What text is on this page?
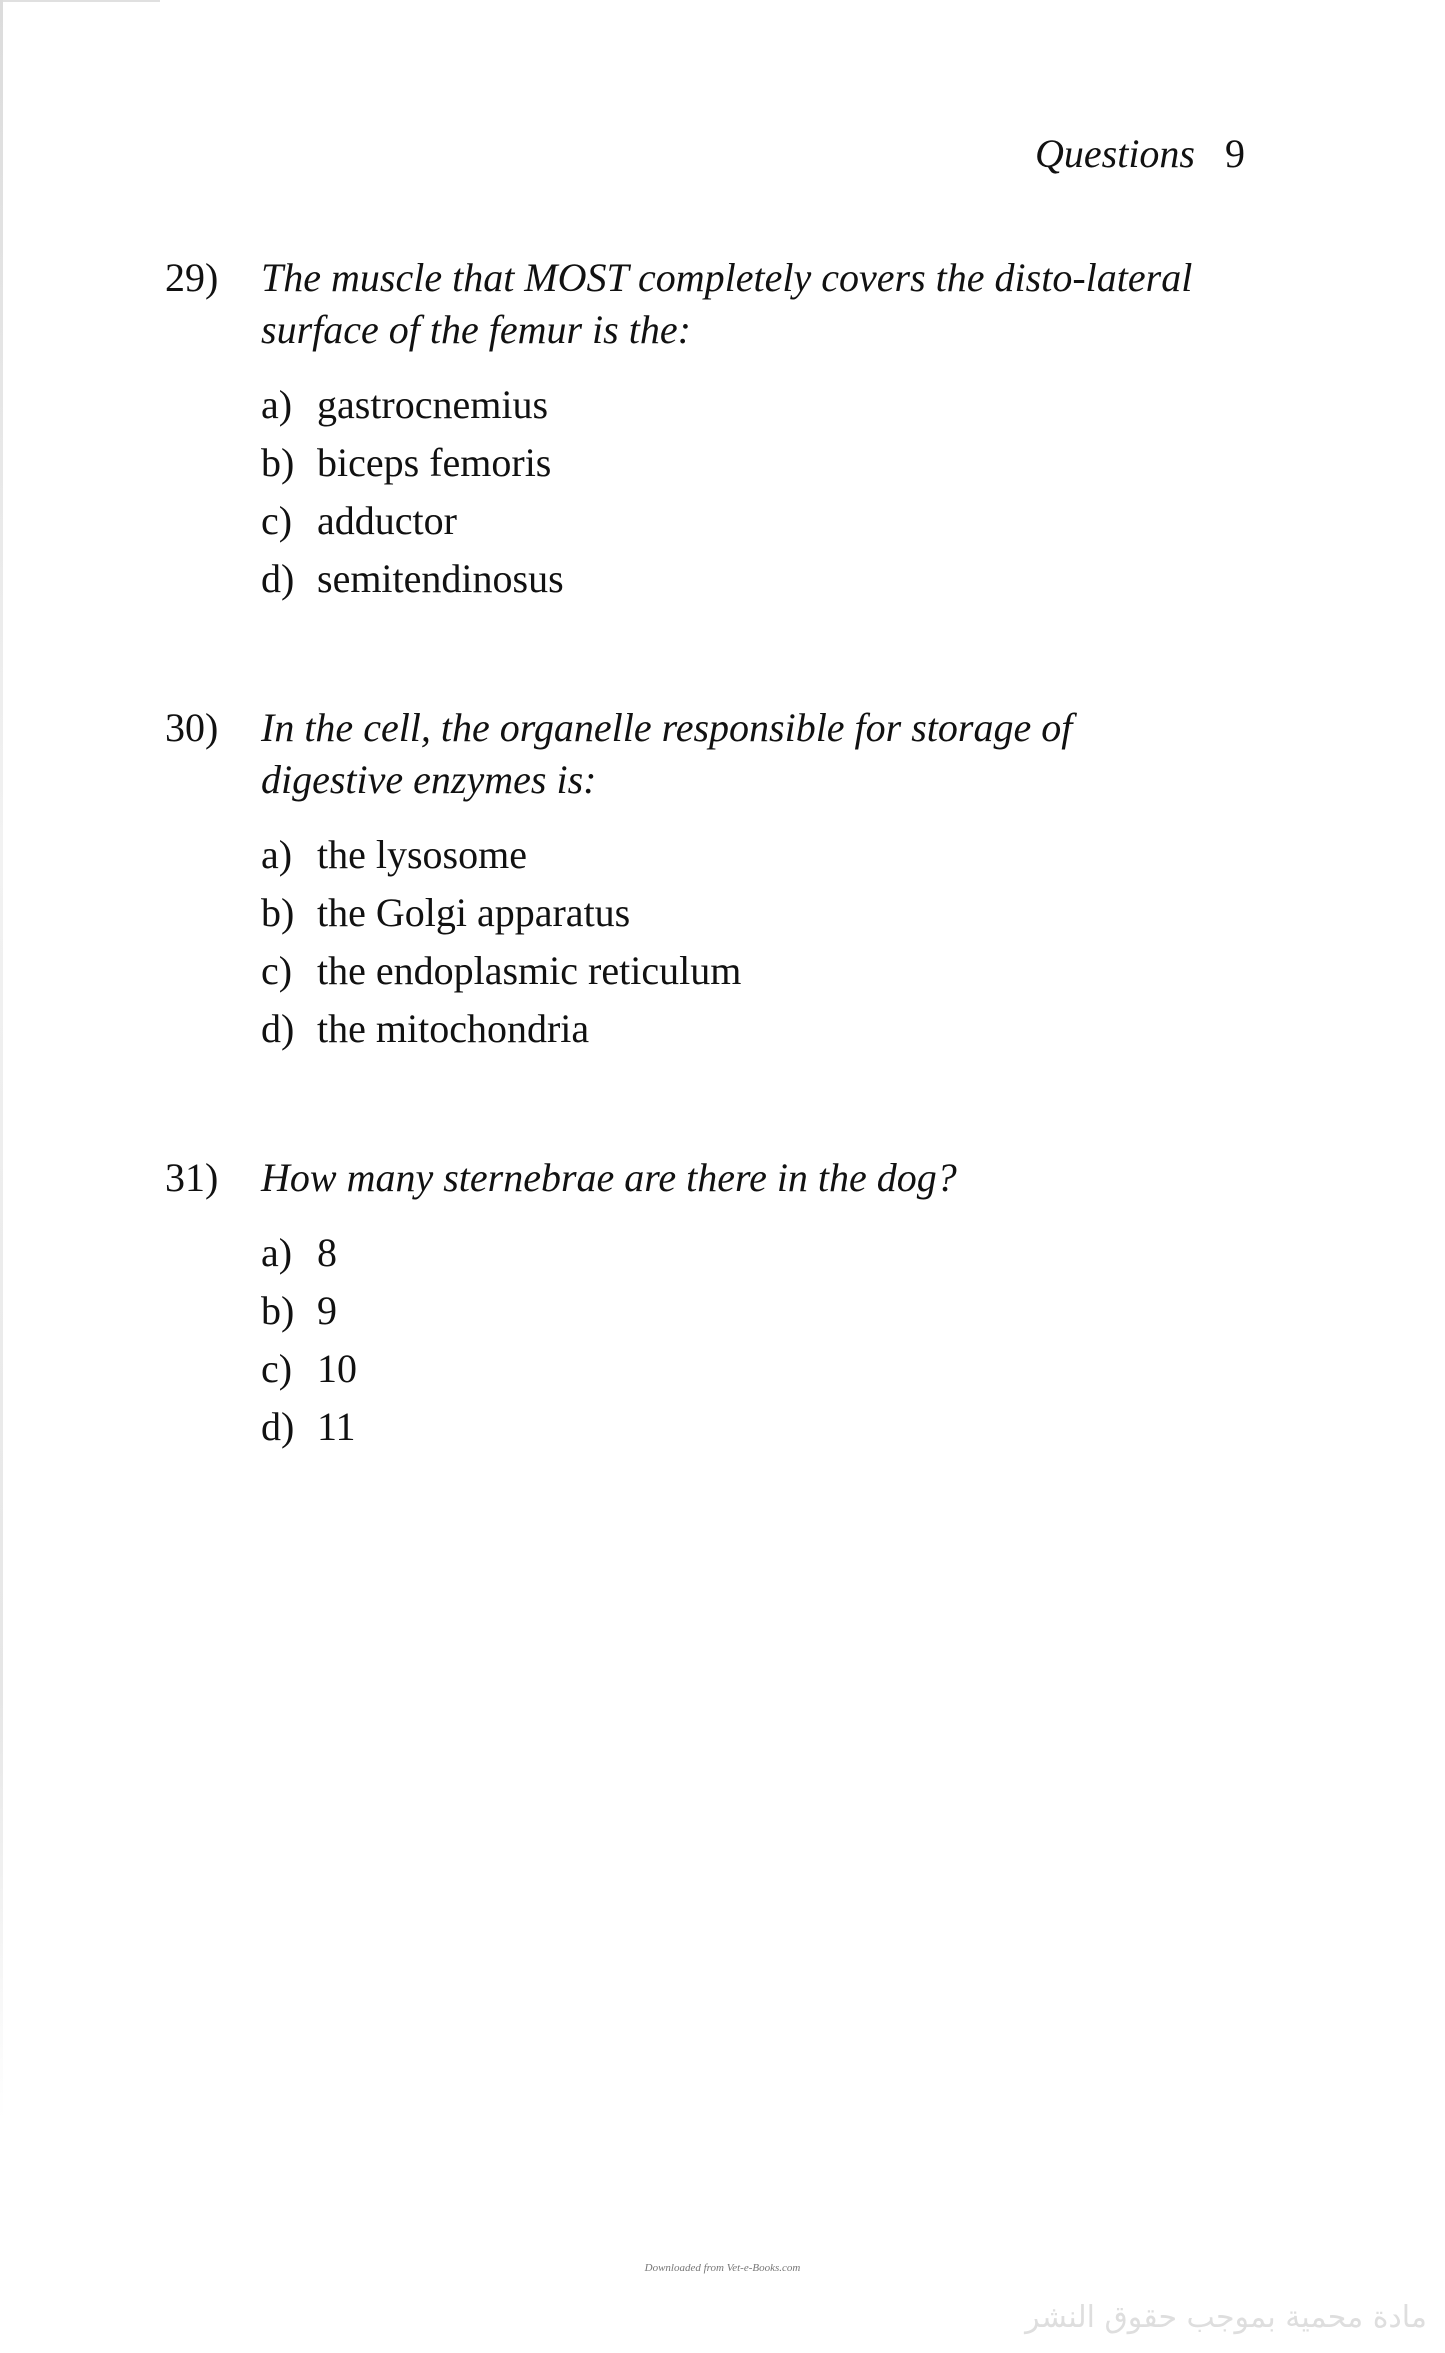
Questions 9
29)	The muscle that MOST completely covers the disto-lateral surface of the femur is the:
a) gastrocnemius
b) biceps femoris
c) adductor
d) semitendinosus
30)	In the cell, the organelle responsible for storage of digestive enzymes is:
a) the lysosome
b) the Golgi apparatus
c) the endoplasmic reticulum
d) the mitochondria
31)	How many sternebrae are there in the dog?
a) 8
b) 9
c) 10
d) 11
Downloaded from Vet-e-Books.com
مادة محمية بموجب حقوق النشر
